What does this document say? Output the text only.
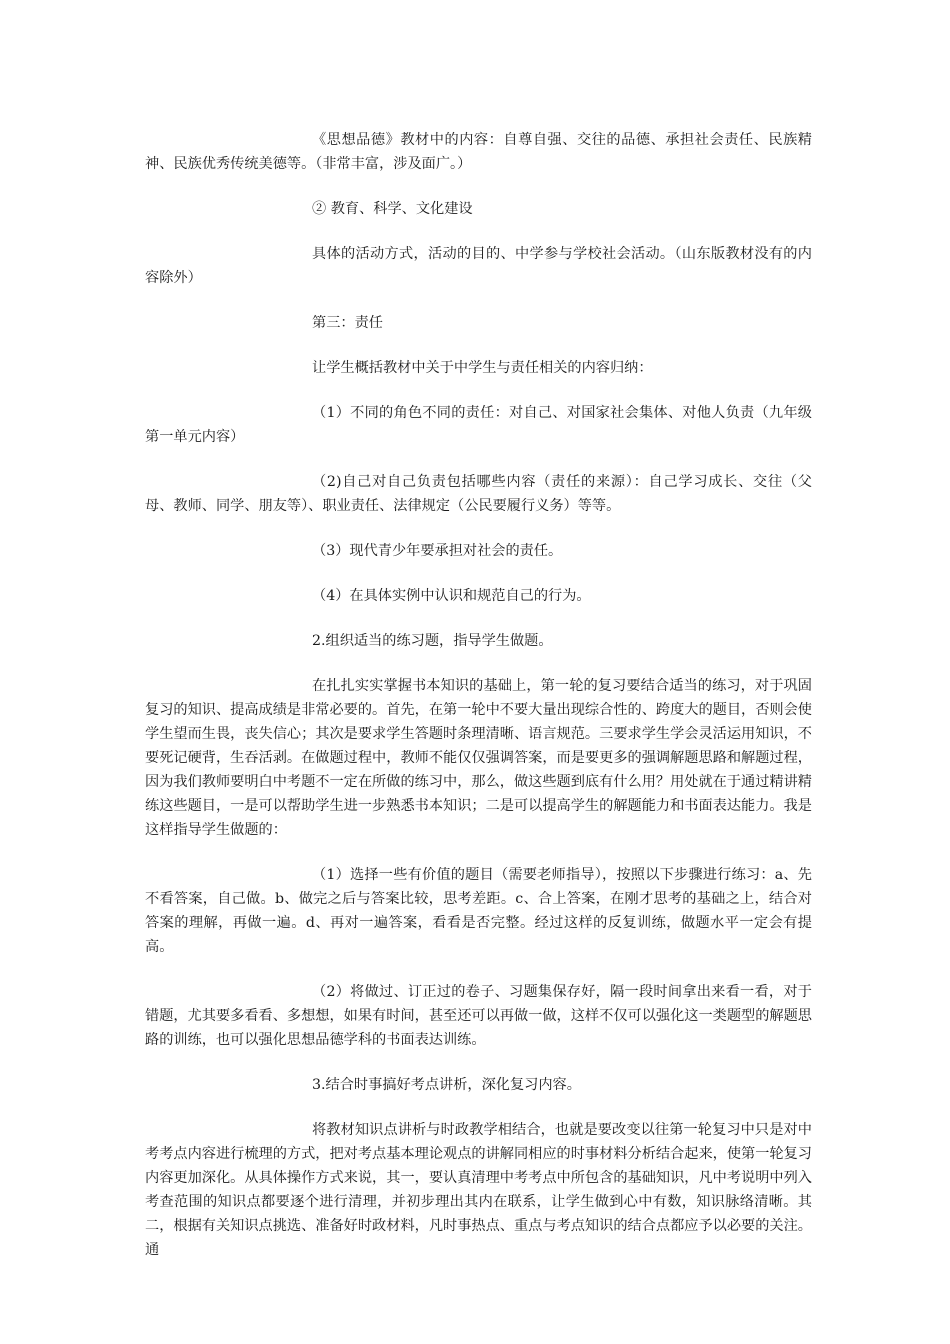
《思想品德》教材中的内容：自尊自强、交往的品德、承担社会责任、民族精神、民族优秀传统美德等。（非常丰富，涉及面广。）

② 教育、科学、文化建设

具体的活动方式，活动的目的、中学参与学校社会活动。（山东版教材没有的内容除外）

第三：责任

让学生概括教材中关于中学生与责任相关的内容归纳：

（1）不同的角色不同的责任：对自己、对国家社会集体、对他人负责（九年级第一单元内容）

（2)自己对自己负责包括哪些内容（责任的来源）：自己学习成长、交往（父母、教师、同学、朋友等）、职业责任、法律规定（公民要履行义务）等等。

（3）现代青少年要承担对社会的责任。

（4）在具体实例中认识和规范自己的行为。

2.组织适当的练习题，指导学生做题。

在扎扎实实掌握书本知识的基础上，第一轮的复习要结合适当的练习，对于巩固复习的知识、提高成绩是非常必要的。首先，在第一轮中不要大量出现综合性的、跨度大的题目，否则会使学生望而生畏，丧失信心；其次是要求学生答题时条理清晰、语言规范。三要求学生学会灵活运用知识，不要死记硬背，生吞活剥。在做题过程中，教师不能仅仅强调答案，而是要更多的强调解题思路和解题过程，因为我们教师要明白中考题不一定在所做的练习中，那么，做这些题到底有什么用？用处就在于通过精讲精练这些题目，一是可以帮助学生进一步熟悉书本知识；二是可以提高学生的解题能力和书面表达能力。我是这样指导学生做题的：

（1）选择一些有价值的题目（需要老师指导），按照以下步骤进行练习：a、先不看答案，自己做。b、做完之后与答案比较，思考差距。c、合上答案，在刚才思考的基础之上，结合对答案的理解，再做一遍。d、再对一遍答案，看看是否完整。经过这样的反复训练，做题水平一定会有提高。

（2）将做过、订正过的卷子、习题集保存好，隔一段时间拿出来看一看，对于错题，尤其要多看看、多想想，如果有时间，甚至还可以再做一做，这样不仅可以强化这一类题型的解题思路的训练，也可以强化思想品德学科的书面表达训练。

3.结合时事搞好考点讲析，深化复习内容。

将教材知识点讲析与时政教学相结合，也就是要改变以往第一轮复习中只是对中考考点内容进行梳理的方式，把对考点基本理论观点的讲解同相应的时事材料分析结合起来，使第一轮复习内容更加深化。从具体操作方式来说，其一，要认真清理中考考点中所包含的基础知识，凡中考说明中列入考查范围的知识点都要逐个进行清理，并初步理出其内在联系，让学生做到心中有数，知识脉络清晰。其二，根据有关知识点挑选、准备好时政材料，凡时事热点、重点与考点知识的结合点都应予以必要的关注。通
